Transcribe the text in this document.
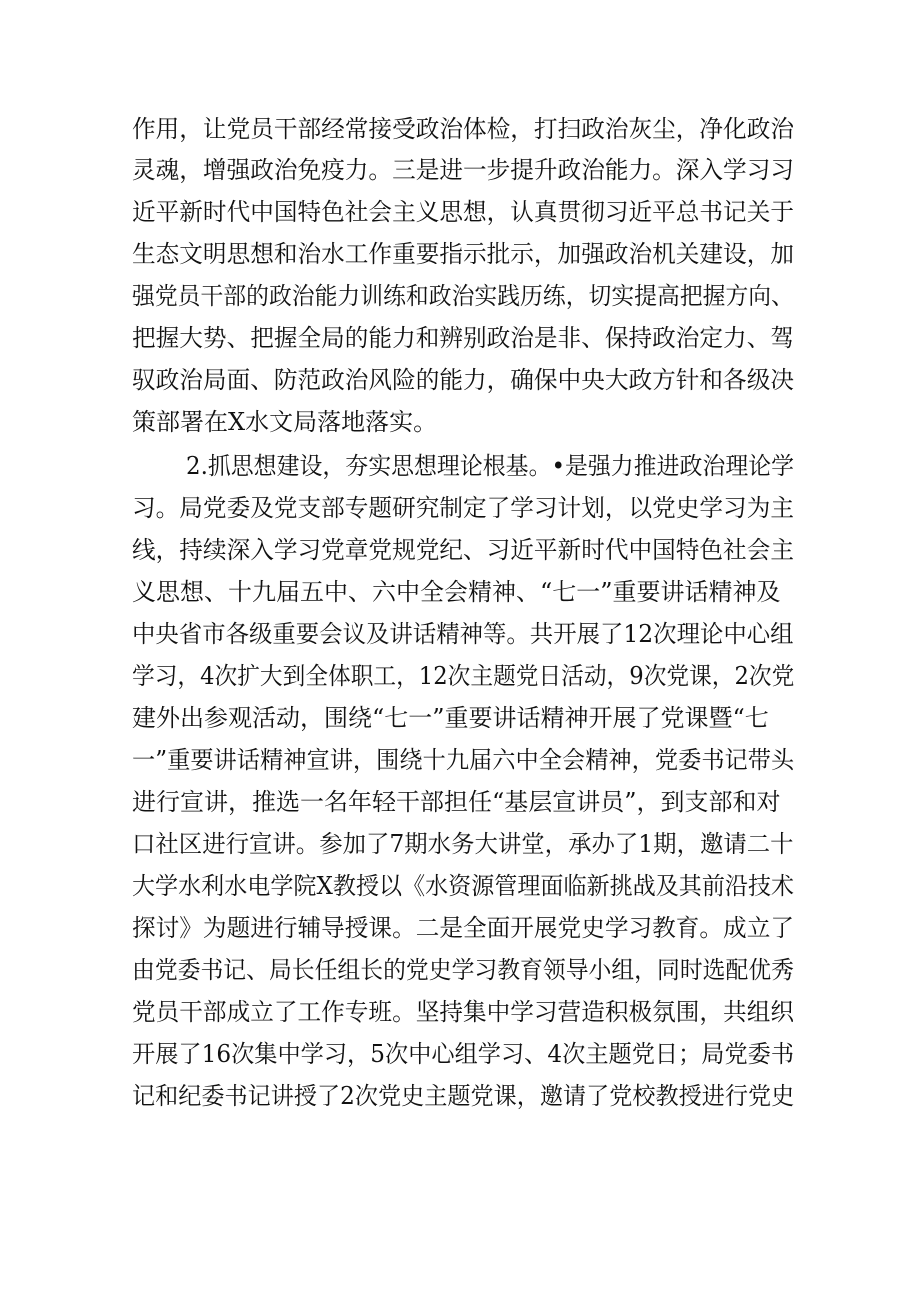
作用，让党员干部经常接受政治体检，打扫政治灰尘，净化政治
灵魂，增强政治免疫力。三是进一步提升政治能力。深入学习习
近平新时代中国特色社会主义思想，认真贯彻习近平总书记关于
生态文明思想和治水工作重要指示批示，加强政治机关建设，加
强党员干部的政治能力训练和政治实践历练，切实提高把握方向、
把握大势、把握全局的能力和辨别政治是非、保持政治定力、驾
驭政治局面、防范政治风险的能力，确保中央大政方针和各级决
策部署在X水文局落地落实。
2.抓思想建设，夯实思想理论根基。•是强力推进政治理论学
习。局党委及党支部专题研究制定了学习计划，以党史学习为主
线，持续深入学习党章党规党纪、习近平新时代中国特色社会主
义思想、十九届五中、六中全会精神、“七一”重要讲话精神及
中央省市各级重要会议及讲话精神等。共开展了12次理论中心组
学习，4次扩大到全体职工，12次主题党日活动，9次党课，2次党
建外出参观活动，围绕“七一”重要讲话精神开展了党课暨“七
一”重要讲话精神宣讲，围绕十九届六中全会精神，党委书记带头
进行宣讲，推选一名年轻干部担任“基层宣讲员”，到支部和对
口社区进行宣讲。参加了7期水务大讲堂，承办了1期，邀请二十
大学水利水电学院X教授以《水资源管理面临新挑战及其前沿技术
探讨》为题进行辅导授课。二是全面开展党史学习教育。成立了
由党委书记、局长任组长的党史学习教育领导小组，同时选配优秀
党员干部成立了工作专班。坚持集中学习营造积极氛围，共组织
开展了16次集中学习，5次中心组学习、4次主题党日；局党委书
记和纪委书记讲授了2次党史主题党课，邀请了党校教授进行党史
